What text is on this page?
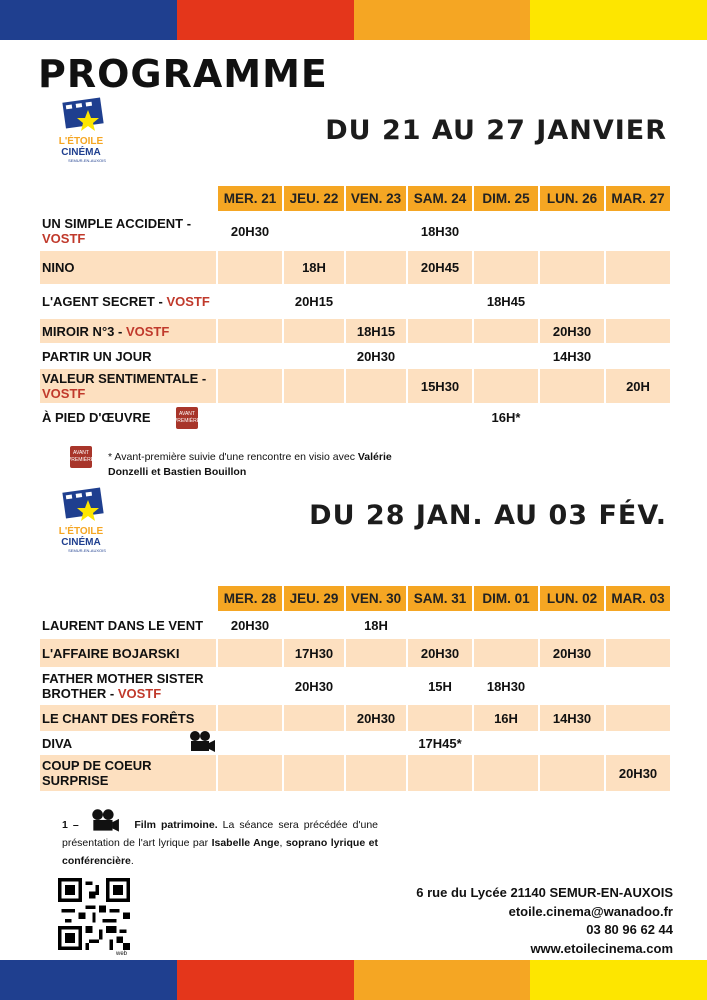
PROGRAMME
L'ÉTOILE
CINÉMA
SEMUR-EN-AUXOIS
DU 21 AU 27 JANVIER
	MER. 21	JEU. 22	VEN. 23	SAM. 24	DIM. 25	LUN. 26	MAR. 27
UN SIMPLE ACCIDENT -
VOSTF	20H30			18H30			
NINO		18H		20H45			
L'AGENT SECRET - VOSTF		20H15			18H45		
MIROIR N°3 - VOSTF			18H15			20H30	
PARTIR UN JOUR			20H30			14H30	
VALEUR SENTIMENTALE -
VOSTF				15H30			20H
À PIED D'ŒUVRE					16H*		
AVANT PREMIÈRE
AVANT PREMIÈRE * Avant-première suivie d'une rencontre en visio avec Valérie Donzelli et Bastien Bouillon
L'ÉTOILE
CINÉMA
SEMUR-EN-AUXOIS
DU 28 JAN. AU 03 FÉV.
	MER. 28	JEU. 29	VEN. 30	SAM. 31	DIM. 01	LUN. 02	MAR. 03
LAURENT DANS LE VENT	20H30		18H				
L'AFFAIRE BOJARSKI		17H30		20H30		20H30	
FATHER MOTHER SISTER BROTHER - VOSTF		20H30		15H	18H30		
LE CHANT DES FORÊTS			20H30		16H	14H30	
DIVA				17H45*			
COUP DE COEUR SURPRISE							20H30
1 –	Film patrimoine. La séance sera précédée d'une présentation de l'art lyrique par Isabelle Ange, soprano lyrique et conférencière.
web
6 rue du Lycée 21140 SEMUR-EN-AUXOIS
etoile.cinema@wanadoo.fr
03 80 96 62 44
www.etoilecinema.com
